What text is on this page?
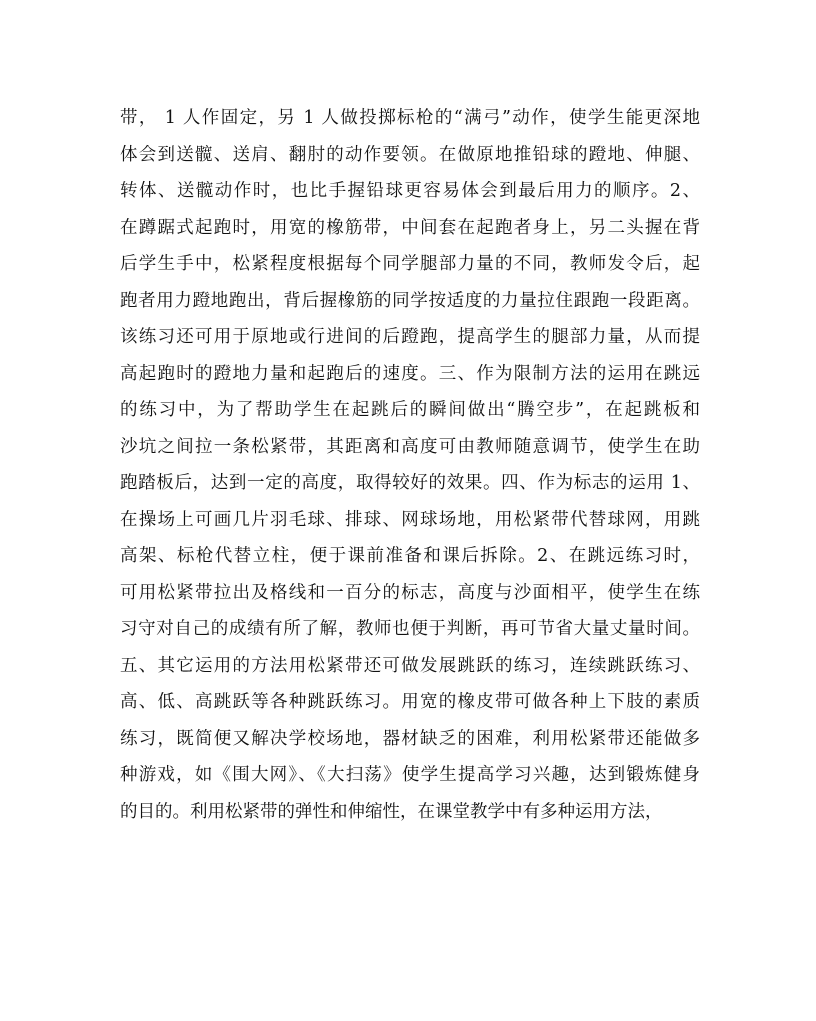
带， 1 人作固定，另 1 人做投掷标枪的“满弓”动作，使学生能更深地
体会到送髋、送肩、翻肘的动作要领。在做原地推铅球的蹬地、伸腿、
转体、送髋动作时，也比手握铅球更容易体会到最后用力的顺序。2、
在蹲踞式起跑时，用宽的橡筋带，中间套在起跑者身上，另二头握在背
后学生手中，松紧程度根据每个同学腿部力量的不同，教师发令后，起
跑者用力蹬地跑出，背后握橡筋的同学按适度的力量拉住跟跑一段距离。
该练习还可用于原地或行进间的后蹬跑，提高学生的腿部力量，从而提
高起跑时的蹬地力量和起跑后的速度。三、作为限制方法的运用在跳远
的练习中，为了帮助学生在起跳后的瞬间做出“腾空步”，在起跳板和
沙坑之间拉一条松紧带，其距离和高度可由教师随意调节，使学生在助
跑踏板后，达到一定的高度，取得较好的效果。四、作为标志的运用 1、
在操场上可画几片羽毛球、排球、网球场地，用松紧带代替球网，用跳
高架、标枪代替立柱，便于课前准备和课后拆除。2、在跳远练习时，
可用松紧带拉出及格线和一百分的标志，高度与沙面相平，使学生在练
习守对自己的成绩有所了解，教师也便于判断，再可节省大量丈量时间。
五、其它运用的方法用松紧带还可做发展跳跃的练习，连续跳跃练习、
高、低、高跳跃等各种跳跃练习。用宽的橡皮带可做各种上下肢的素质
练习，既简便又解决学校场地，器材缺乏的困难，利用松紧带还能做多
种游戏，如《围大网》、《大扫荡》使学生提高学习兴趣，达到锻炼健身
的目的。利用松紧带的弹性和伸缩性，在课堂教学中有多种运用方法，
